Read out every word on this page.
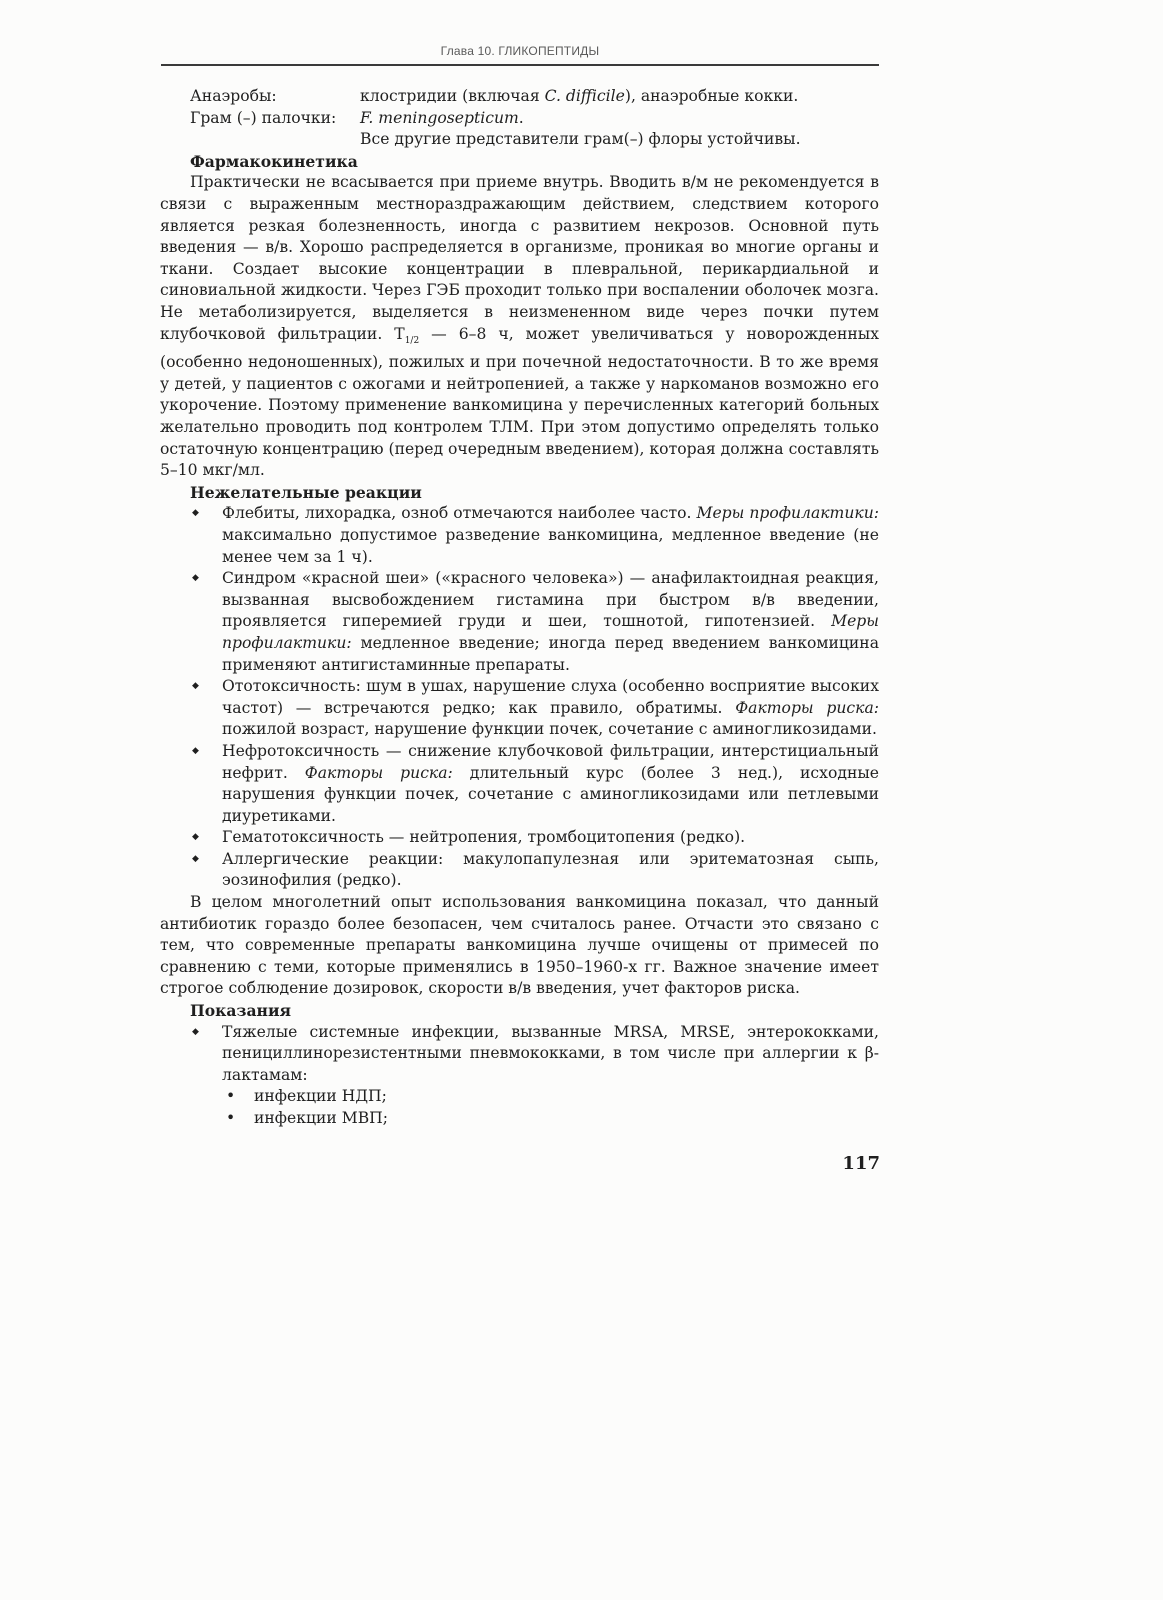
Глава 10. ГЛИКОПЕПТИДЫ
Анаэробы:	клостридии (включая C. difficile), анаэробные кокки.
Грам (–) палочки:	F. meningosepticum.
Все другие представители грам(–) флоры устойчивы.
Фармакокинетика

Практически не всасывается при приеме внутрь. Вводить в/м не рекомендуется в связи с выраженным местнораздражающим действием, следствием которого является резкая болезненность, иногда с развитием некрозов. Основной путь введения — в/в. Хорошо распределяется в организме, проникая во многие органы и ткани. Создает высокие концентрации в плевральной, перикардиальной и синовиальной жидкости. Через ГЭБ проходит только при воспалении оболочек мозга. Не метаболизируется, выделяется в неизмененном виде через почки путем клубочковой фильтрации. $T_{1/2}$ — 6–8 ч, может увеличиваться у новорожденных (особенно недоношенных), пожилых и при почечной недостаточности. В то же время у детей, у пациентов с ожогами и нейтропенией, а также у наркоманов возможно его укорочение. Поэтому применение ванкомицина у перечисленных категорий больных желательно проводить под контролем ТЛМ. При этом допустимо определять только остаточную концентрацию (перед очередным введением), которая должна составлять 5–10 мкг/мл.

Нежелательные реакции
◆ Флебиты, лихорадка, озноб отмечаются наиболее часто. Меры профилактики: максимально допустимое разведение ванкомицина, медленное введение (не менее чем за 1 ч).
◆ Синдром «красной шеи» («красного человека») — анафилактоидная реакция, вызванная высвобождением гистамина при быстром в/в введении, проявляется гиперемией груди и шеи, тошнотой, гипотензией. Меры профилактики: медленное введение; иногда перед введением ванкомицина применяют антигистаминные препараты.
◆ Ототоксичность: шум в ушах, нарушение слуха (особенно восприятие высоких частот) — встречаются редко; как правило, обратимы. Факторы риска: пожилой возраст, нарушение функции почек, сочетание с аминогликозидами.
◆ Нефротоксичность — снижение клубочковой фильтрации, интерстициальный нефрит. Факторы риска: длительный курс (более 3 нед.), исходные нарушения функции почек, сочетание с аминогликозидами или петлевыми диуретиками.
◆ Гематотоксичность — нейтропения, тромбоцитопения (редко).
◆ Аллергические реакции: макулопапулезная или эритематозная сыпь, эозинофилия (редко).

В целом многолетний опыт использования ванкомицина показал, что данный антибиотик гораздо более безопасен, чем считалось ранее. Отчасти это связано с тем, что современные препараты ванкомицина лучше очищены от примесей по сравнению с теми, которые применялись в 1950–1960-х гг. Важное значение имеет строгое соблюдение дозировок, скорости в/в введения, учет факторов риска.

Показания
◆ Тяжелые системные инфекции, вызванные MRSA, MRSE, энтерококками, пенициллинорезистентными пневмококками, в том числе при аллергии к β-лактамам:
• инфекции НДП;
• инфекции МВП;
117
